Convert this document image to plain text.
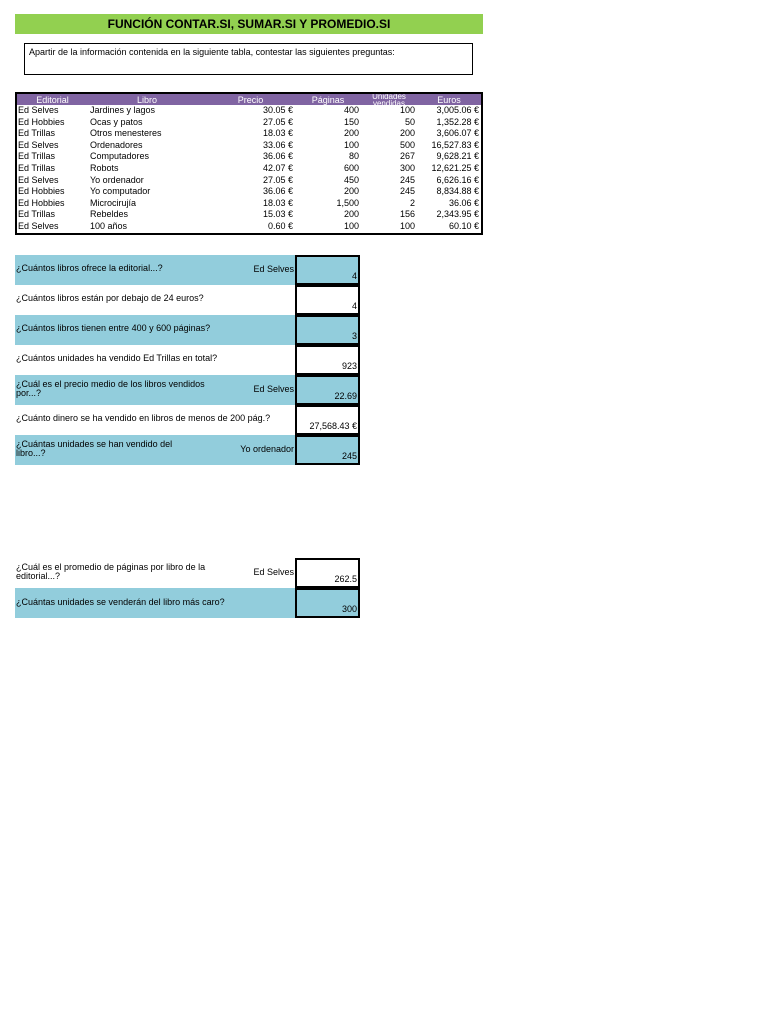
FUNCIÓN CONTAR.SI, SUMAR.SI Y PROMEDIO.SI
Apartir de la información contenida en la siguiente tabla, contestar las siguientes preguntas:
Editorial	Libro	Precio	Páginas	Unidades vendidas	Euros
Ed Selves	Jardines y lagos	30.05 €	400	100	3,005.06 €
Ed Hobbies	Ocas y patos	27.05 €	150	50	1,352.28 €
Ed Trillas	Otros menesteres	18.03 €	200	200	3,606.07 €
Ed Selves	Ordenadores	33.06 €	100	500	16,527.83 €
Ed Trillas	Computadores	36.06 €	80	267	9,628.21 €
Ed Trillas	Robots	42.07 €	600	300	12,621.25 €
Ed Selves	Yo ordenador	27.05 €	450	245	6,626.16 €
Ed Hobbies	Yo computador	36.06 €	200	245	8,834.88 €
Ed Hobbies	Microcirujía	18.03 €	1,500	2	36.06 €
Ed Trillas	Rebeldes	15.03 €	200	156	2,343.95 €
Ed Selves	100 años	0.60 €	100	100	60.10 €
¿Cuántos libros ofrece la editorial...?	Ed Selves
4
¿Cuántos libros están por debajo de 24 euros?
4
¿Cuántos libros tienen entre 400 y 600 páginas?
3
¿Cuántos unidades ha vendido Ed Trillas en total?
923
¿Cuál es el precio medio de los libros vendidos por...?	Ed Selves
22.69
¿Cuánto dinero se ha vendido en libros de menos de 200 pág.?
27,568.43 €
¿Cuántas unidades se han vendido del libro...?	Yo ordenador
245
¿Cuál es el promedio de páginas por libro de la editorial...?	Ed Selves
262.5
¿Cuántas unidades se venderán del libro más caro?
300
